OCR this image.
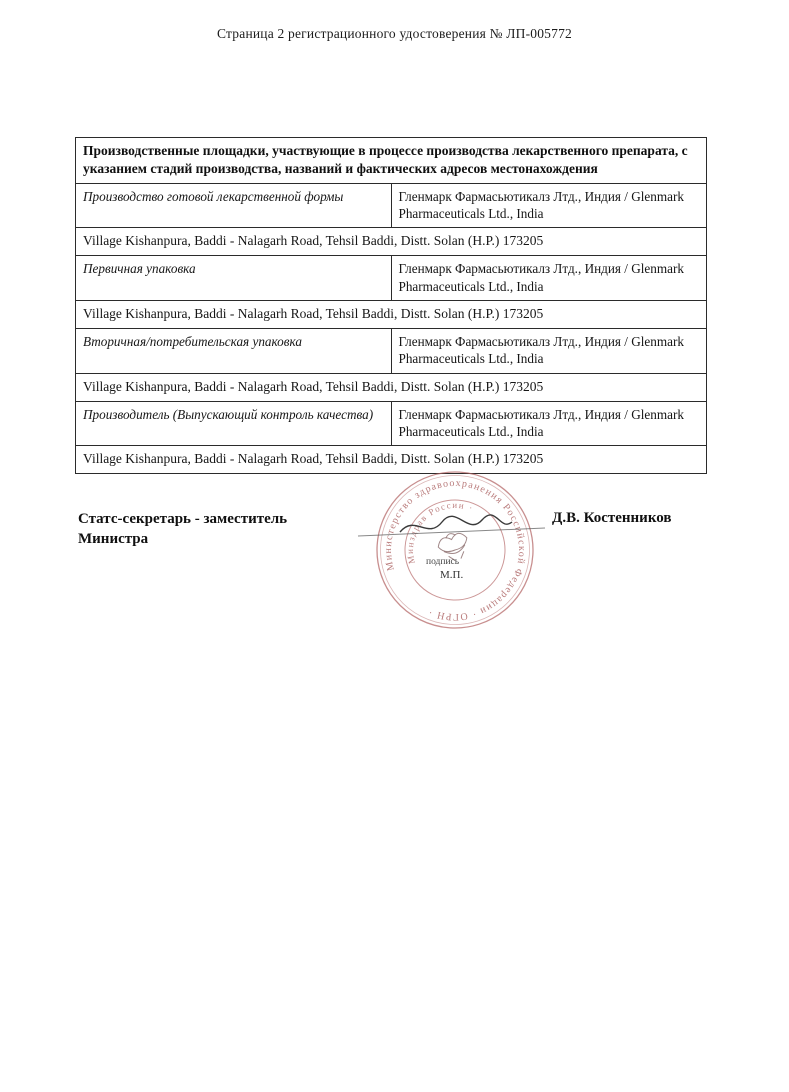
Страница 2 регистрационного удостоверения № ЛП-005772
Производственные площадки, участвующие в процессе производства лекарственного препарата, с указанием стадий производства, названий и фактических адресов местонахождения	
Производство готовой лекарственной формы	Гленмарк Фармасьютикалз Лтд., Индия / Glenmark Pharmaceuticals Ltd., India
Village Kishanpura, Baddi - Nalagarh Road, Tehsil Baddi, Distt. Solan (H.P.) 173205	
Первичная упаковка	Гленмарк Фармасьютикалз Лтд., Индия / Glenmark Pharmaceuticals Ltd., India
Village Kishanpura, Baddi - Nalagarh Road, Tehsil Baddi, Distt. Solan (H.P.) 173205	
Вторичная/потребительская упаковка	Гленмарк Фармасьютикалз Лтд., Индия / Glenmark Pharmaceuticals Ltd., India
Village Kishanpura, Baddi - Nalagarh Road, Tehsil Baddi, Distt. Solan (H.P.) 173205	
Производитель (Выпускающий контроль качества)	Гленмарк Фармасьютикалз Лтд., Индия / Glenmark Pharmaceuticals Ltd., India
Village Kishanpura, Baddi - Nalagarh Road, Tehsil Baddi, Distt. Solan (H.P.) 173205	
Статс-секретарь - заместитель Министра
Д.В. Костенников
Министерство здравоохранения Российской Федерации · ОГРН ·
Минздрав России ·
подпись
М.П.
